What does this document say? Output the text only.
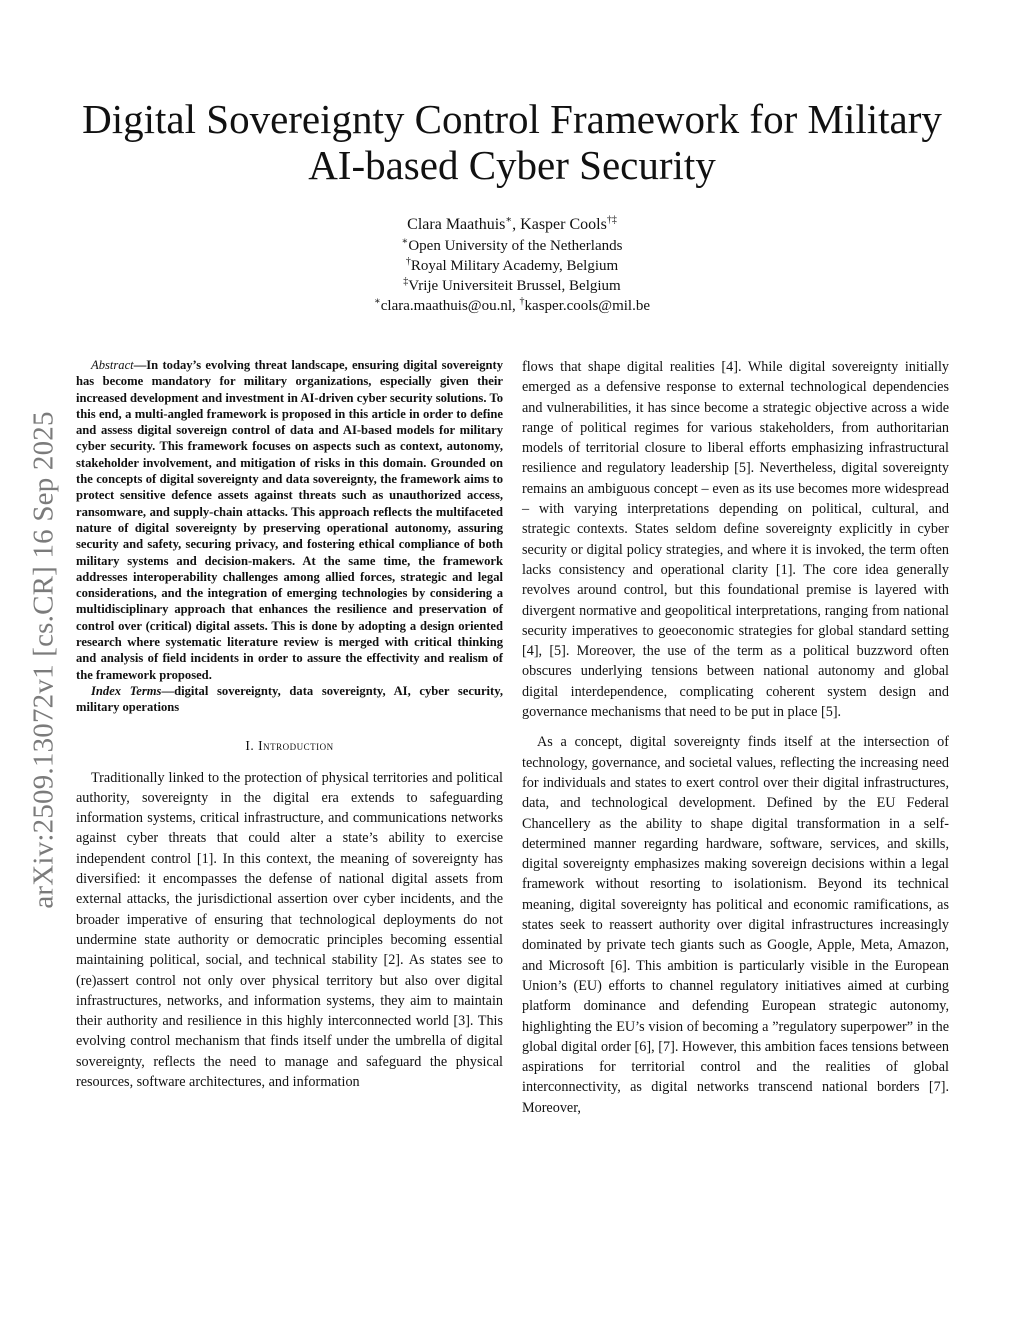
arXiv:2509.13072v1 [cs.CR] 16 Sep 2025
Digital Sovereignty Control Framework for Military
AI-based Cyber Security
Clara Maathuis∗, Kasper Cools†‡
∗Open University of the Netherlands
†Royal Military Academy, Belgium
‡Vrije Universiteit Brussel, Belgium
∗clara.maathuis@ou.nl, †kasper.cools@mil.be

Abstract—In today’s evolving threat landscape, ensuring digital sovereignty has become mandatory for military organizations, especially given their increased development and investment in AI-driven cyber security solutions. To this end, a multi-angled framework is proposed in this article in order to define and assess digital sovereign control of data and AI-based models for military cyber security. This framework focuses on aspects such as context, autonomy, stakeholder involvement, and mitigation of risks in this domain. Grounded on the concepts of digital sovereignty and data sovereignty, the framework aims to protect sensitive defence assets against threats such as unauthorized access, ransomware, and supply-chain attacks. This approach reflects the multifaceted nature of digital sovereignty by preserving operational autonomy, assuring security and safety, securing privacy, and fostering ethical compliance of both military systems and decision-makers. At the same time, the framework addresses interoperability challenges among allied forces, strategic and legal considerations, and the integration of emerging technologies by considering a multidisciplinary approach that enhances the resilience and preservation of control over (critical) digital assets. This is done by adopting a design oriented research where systematic literature review is merged with critical thinking and analysis of field incidents in order to assure the effectivity and realism of the framework proposed.

Index Terms—digital sovereignty, data sovereignty, AI, cyber security, military operations

I. Introduction

Traditionally linked to the protection of physical territories and political authority, sovereignty in the digital era extends to safeguarding information systems, critical infrastructure, and communications networks against cyber threats that could alter a state’s ability to exercise independent control [1]. In this context, the meaning of sovereignty has diversified: it encompasses the defense of national digital assets from external attacks, the jurisdictional assertion over cyber incidents, and the broader imperative of ensuring that technological deployments do not undermine state authority or democratic principles becoming essential maintaining political, social, and technical stability [2]. As states see to (re)assert control not only over physical territory but also over digital infrastructures, networks, and information systems, they aim to maintain their authority and resilience in this highly interconnected world [3]. This evolving control mechanism that finds itself under the umbrella of digital sovereignty, reflects the need to manage and safeguard the physical resources, software architectures, and information

flows that shape digital realities [4]. While digital sovereignty initially emerged as a defensive response to external technological dependencies and vulnerabilities, it has since become a strategic objective across a wide range of political regimes for various stakeholders, from authoritarian models of territorial closure to liberal efforts emphasizing infrastructural resilience and regulatory leadership [5]. Nevertheless, digital sovereignty remains an ambiguous concept – even as its use becomes more widespread – with varying interpretations depending on political, cultural, and strategic contexts. States seldom define sovereignty explicitly in cyber security or digital policy strategies, and where it is invoked, the term often lacks consistency and operational clarity [1]. The core idea generally revolves around control, but this foundational premise is layered with divergent normative and geopolitical interpretations, ranging from national security imperatives to geoeconomic strategies for global standard setting [4], [5]. Moreover, the use of the term as a political buzzword often obscures underlying tensions between national autonomy and global digital interdependence, complicating coherent system design and governance mechanisms that need to be put in place [5].

As a concept, digital sovereignty finds itself at the intersection of technology, governance, and societal values, reflecting the increasing need for individuals and states to exert control over their digital infrastructures, data, and technological development. Defined by the EU Federal Chancellery as the ability to shape digital transformation in a self-determined manner regarding hardware, software, services, and skills, digital sovereignty emphasizes making sovereign decisions within a legal framework without resorting to isolationism. Beyond its technical meaning, digital sovereignty has political and economic ramifications, as states seek to reassert authority over digital infrastructures increasingly dominated by private tech giants such as Google, Apple, Meta, Amazon, and Microsoft [6]. This ambition is particularly visible in the European Union’s (EU) efforts to channel regulatory initiatives aimed at curbing platform dominance and defending European strategic autonomy, highlighting the EU’s vision of becoming a ”regulatory superpower” in the global digital order [6], [7]. However, this ambition faces tensions between aspirations for territorial control and the realities of global interconnectivity, as digital networks transcend national borders [7]. Moreover,
